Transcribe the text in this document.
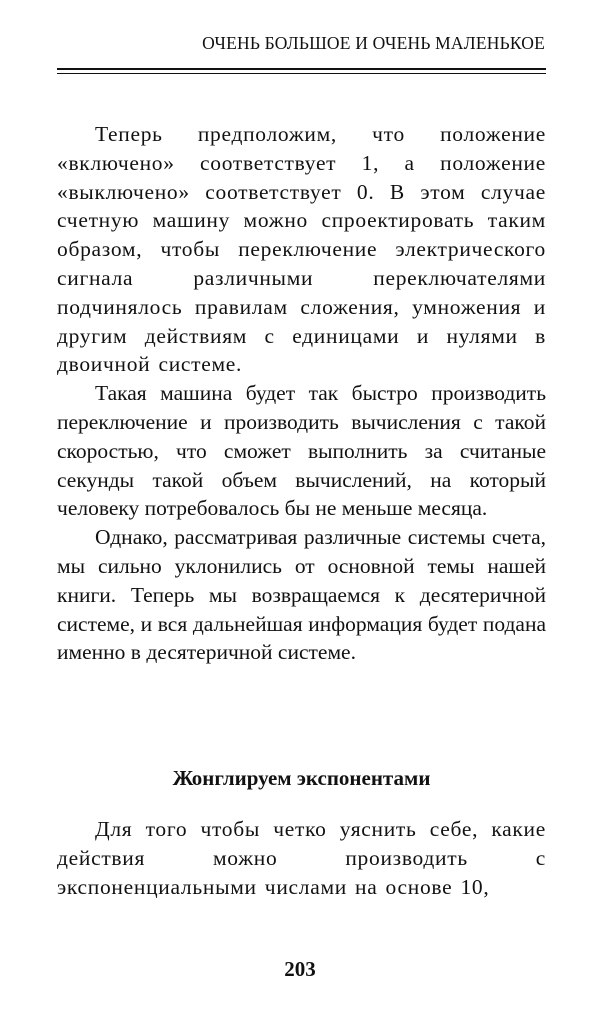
ОЧЕНЬ БОЛЬШОЕ И ОЧЕНЬ МАЛЕНЬКОЕ

Теперь предположим, что положение «включено» соответствует 1, а положение «выключено» соответствует 0. В этом случае счетную машину можно спроектировать таким образом, чтобы переключение электрического сигнала различными переключателями подчинялось правилам сложения, умножения и другим действиям с единицами и нулями в двоичной системе.

Такая машина будет так быстро производить переключение и производить вычисления с такой скоростью, что сможет выполнить за считаные секунды такой объем вычислений, на который человеку потребовалось бы не меньше месяца.

Однако, рассматривая различные системы счета, мы сильно уклонились от основной темы нашей книги. Теперь мы возвращаемся к десятеричной системе, и вся дальнейшая информация будет подана именно в десятеричной системе.

Жонглируем экспонентами

Для того чтобы четко уяснить себе, какие действия можно производить с экспоненциальными числами на основе 10,

203
